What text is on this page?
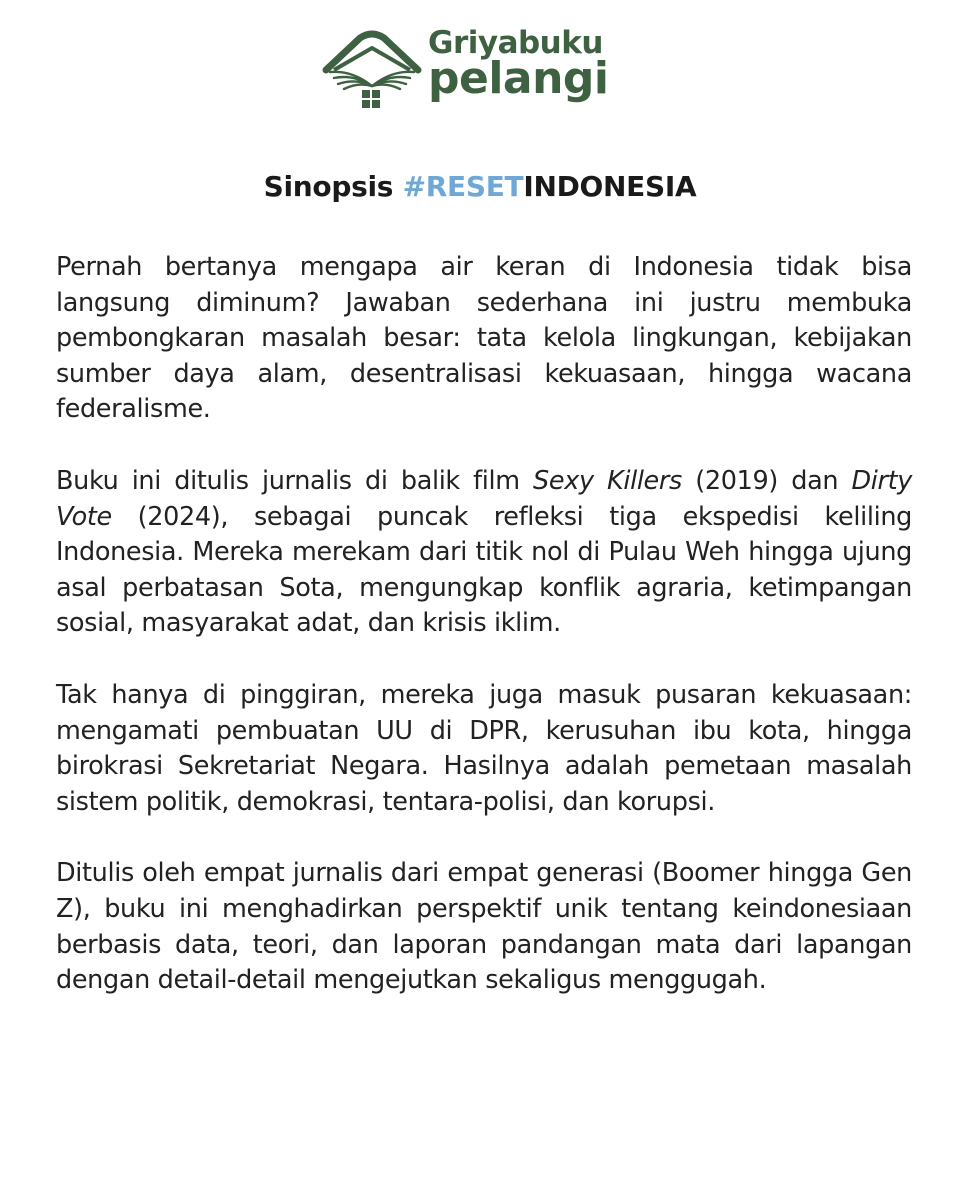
Griyabuku
pelangi
Sinopsis #RESETINDONESIA

Pernah bertanya mengapa air keran di Indonesia tidak bisa langsung diminum? Jawaban sederhana ini justru membuka pembongkaran masalah besar: tata kelola lingkungan, kebijakan sumber daya alam, desentralisasi kekuasaan, hingga wacana federalisme.

Buku ini ditulis jurnalis di balik film Sexy Killers (2019) dan Dirty Vote (2024), sebagai puncak refleksi tiga ekspedisi keliling Indonesia. Mereka merekam dari titik nol di Pulau Weh hingga ujung asal perbatasan Sota, mengungkap konflik agraria, ketimpangan sosial, masyarakat adat, dan krisis iklim.

Tak hanya di pinggiran, mereka juga masuk pusaran kekuasaan: mengamati pembuatan UU di DPR, kerusuhan ibu kota, hingga birokrasi Sekretariat Negara. Hasilnya adalah pemetaan masalah sistem politik, demokrasi, tentara-polisi, dan korupsi.

Ditulis oleh empat jurnalis dari empat generasi (Boomer hingga Gen Z), buku ini menghadirkan perspektif unik tentang keindonesiaan berbasis data, teori, dan laporan pandangan mata dari lapangan dengan detail-detail mengejutkan sekaligus menggugah.
